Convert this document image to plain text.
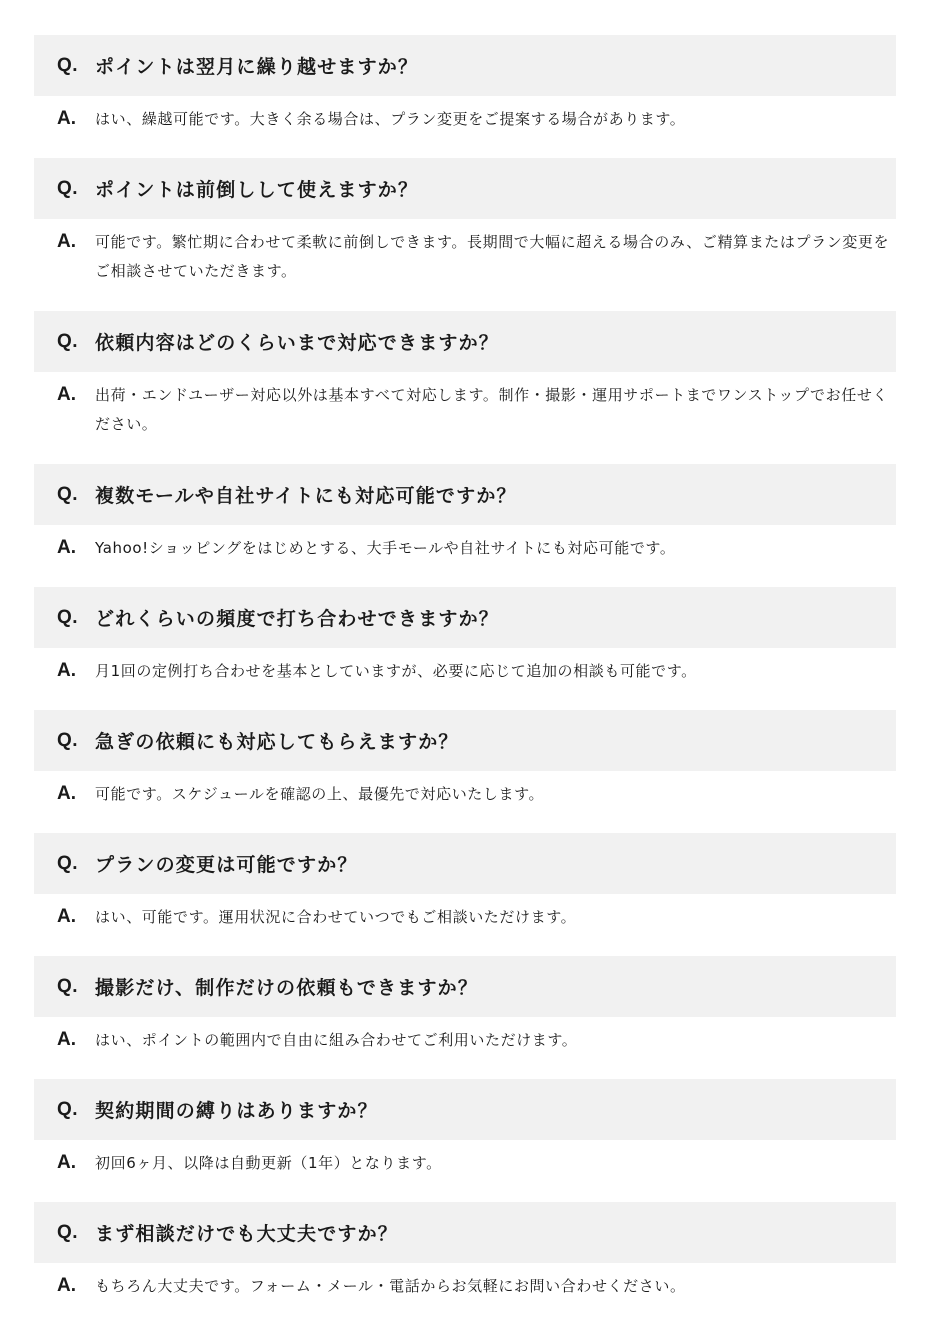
Q. ポイントは翌月に繰り越せますか？
A.	はい、繰越可能です。大きく余る場合は、プラン変更をご提案する場合があります。
Q. ポイントは前倒しして使えますか？
A.	可能です。繁忙期に合わせて柔軟に前倒しできます。長期間で大幅に超える場合のみ、ご精算またはプラン変更をご相談させていただきます。
Q. 依頼内容はどのくらいまで対応できますか？
A.	出荷・エンドユーザー対応以外は基本すべて対応します。制作・撮影・運用サポートまでワンストップでお任せください。
Q. 複数モールや自社サイトにも対応可能ですか？
A.	Yahoo!ショッピングをはじめとする、大手モールや自社サイトにも対応可能です。
Q. どれくらいの頻度で打ち合わせできますか？
A.	月1回の定例打ち合わせを基本としていますが、必要に応じて追加の相談も可能です。
Q. 急ぎの依頼にも対応してもらえますか？
A.	可能です。スケジュールを確認の上、最優先で対応いたします。
Q. プランの変更は可能ですか？
A.	はい、可能です。運用状況に合わせていつでもご相談いただけます。
Q. 撮影だけ、制作だけの依頼もできますか？
A.	はい、ポイントの範囲内で自由に組み合わせてご利用いただけます。
Q. 契約期間の縛りはありますか？
A.	初回6ヶ月、以降は自動更新（1年）となります。
Q. まず相談だけでも大丈夫ですか？
A.	もちろん大丈夫です。フォーム・メール・電話からお気軽にお問い合わせください。
